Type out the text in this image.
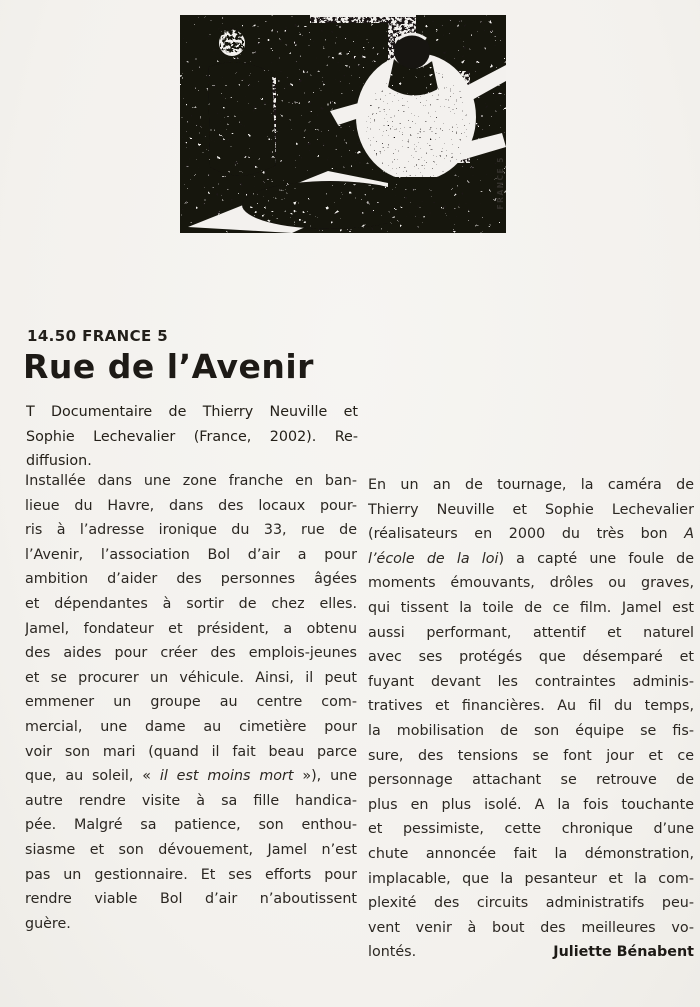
FRANCE 5
14.50 FRANCE 5
Rue de l’Avenir
T Documentaire de Thierry Neuville et
Sophie Lechevalier (France, 2002). Re-
diffusion.
Installée dans une zone franche en ban-
lieue du Havre, dans des locaux pour-
ris à l’adresse ironique du 33, rue de
l’Avenir, l’association Bol d’air a pour
ambition d’aider des personnes âgées
et dépendantes à sortir de chez elles.
Jamel, fondateur et président, a obtenu
des aides pour créer des emplois-jeunes
et se procurer un véhicule. Ainsi, il peut
emmener un groupe au centre com-
mercial, une dame au cimetière pour
voir son mari (quand il fait beau parce
que, au soleil, « il est moins mort »), une
autre rendre visite à sa fille handica-
pée. Malgré sa patience, son enthou-
siasme et son dévouement, Jamel n’est
pas un gestionnaire. Et ses efforts pour
rendre viable Bol d’air n’aboutissent
guère.
En un an de tournage, la caméra de
Thierry Neuville et Sophie Lechevalier
(réalisateurs en 2000 du très bon A
l’école de la loi) a capté une foule de
moments émouvants, drôles ou graves,
qui tissent la toile de ce film. Jamel est
aussi performant, attentif et naturel
avec ses protégés que désemparé et
fuyant devant les contraintes adminis-
tratives et financières. Au fil du temps,
la mobilisation de son équipe se fis-
sure, des tensions se font jour et ce
personnage attachant se retrouve de
plus en plus isolé. A la fois touchante
et pessimiste, cette chronique d’une
chute annoncée fait la démonstration,
implacable, que la pesanteur et la com-
plexité des circuits administratifs peu-
vent venir à bout des meilleures vo-
lontés.	Juliette Bénabent
